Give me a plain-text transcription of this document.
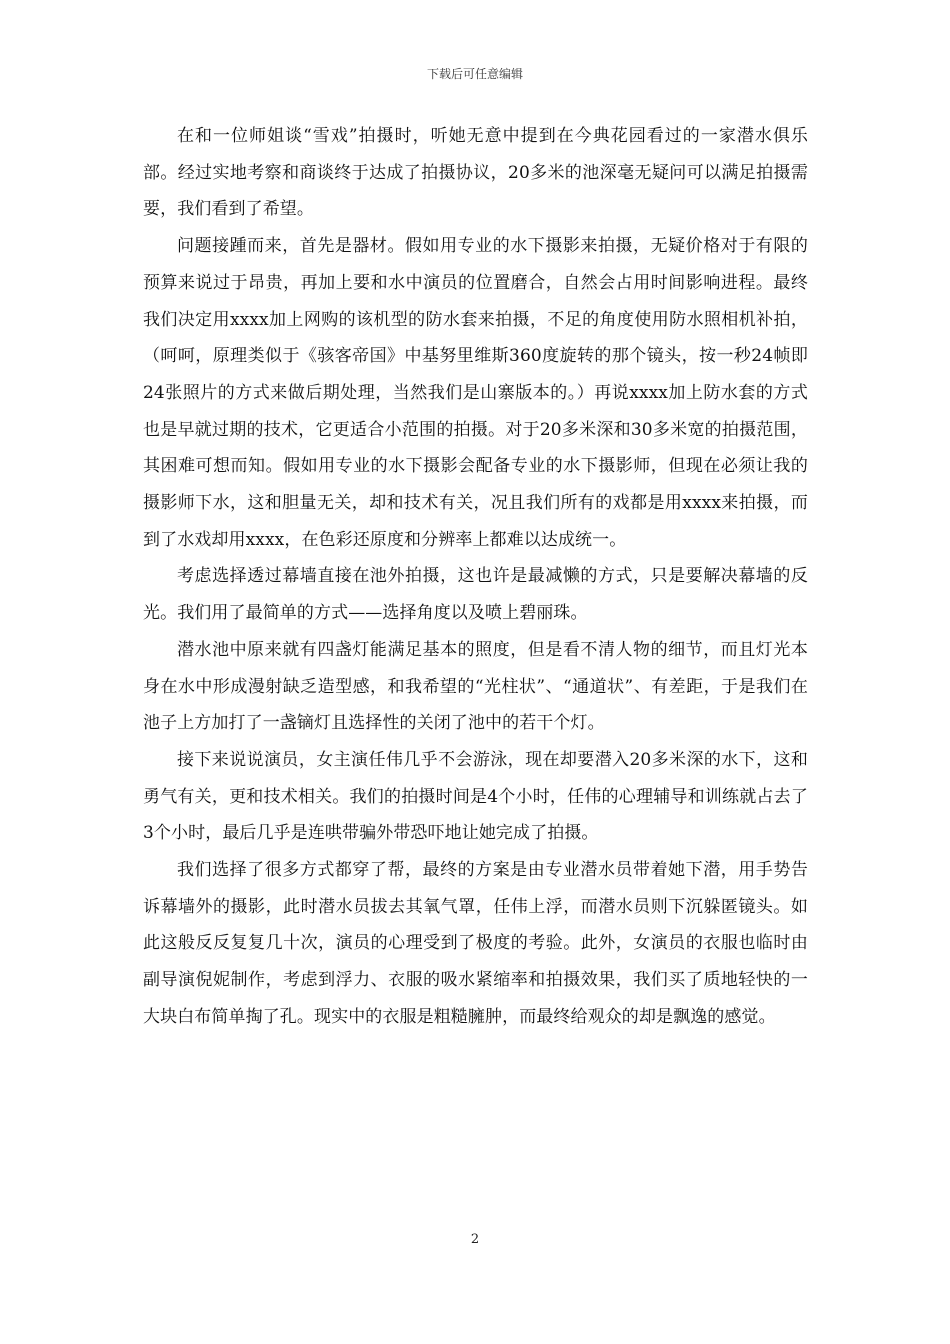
下载后可任意编辑

在和一位师姐谈“雪戏”拍摄时，听她无意中提到在今典花园看过的一家潜水俱乐部。经过实地考察和商谈终于达成了拍摄协议，20多米的池深毫无疑问可以满足拍摄需要，我们看到了希望。

问题接踵而来，首先是器材。假如用专业的水下摄影来拍摄，无疑价格对于有限的预算来说过于昂贵，再加上要和水中演员的位置磨合，自然会占用时间影响进程。最终我们决定用xxxx加上网购的该机型的防水套来拍摄，不足的角度使用防水照相机补拍，（呵呵，原理类似于《骇客帝国》中基努里维斯360度旋转的那个镜头，按一秒24帧即24张照片的方式来做后期处理，当然我们是山寨版本的。）再说xxxx加上防水套的方式也是早就过期的技术，它更适合小范围的拍摄。对于20多米深和30多米宽的拍摄范围，其困难可想而知。假如用专业的水下摄影会配备专业的水下摄影师，但现在必须让我的摄影师下水，这和胆量无关，却和技术有关，况且我们所有的戏都是用xxxx来拍摄，而到了水戏却用xxxx，在色彩还原度和分辨率上都难以达成统一。

考虑选择透过幕墙直接在池外拍摄，这也许是最减懒的方式，只是要解决幕墙的反光。我们用了最简单的方式——选择角度以及喷上碧丽珠。

潜水池中原来就有四盏灯能满足基本的照度，但是看不清人物的细节，而且灯光本身在水中形成漫射缺乏造型感，和我希望的“光柱状”、“通道状”、有差距，于是我们在池子上方加打了一盏镝灯且选择性的关闭了池中的若干个灯。

接下来说说演员，女主演任伟几乎不会游泳，现在却要潜入20多米深的水下，这和勇气有关，更和技术相关。我们的拍摄时间是4个小时，任伟的心理辅导和训练就占去了3个小时，最后几乎是连哄带骗外带恐吓地让她完成了拍摄。

我们选择了很多方式都穿了帮，最终的方案是由专业潜水员带着她下潜，用手势告诉幕墙外的摄影，此时潜水员拔去其氧气罩，任伟上浮，而潜水员则下沉躲匿镜头。如此这般反反复复几十次，演员的心理受到了极度的考验。此外，女演员的衣服也临时由副导演倪妮制作，考虑到浮力、衣服的吸水紧缩率和拍摄效果，我们买了质地轻快的一大块白布简单掏了孔。现实中的衣服是粗糙臃肿，而最终给观众的却是飘逸的感觉。

2
